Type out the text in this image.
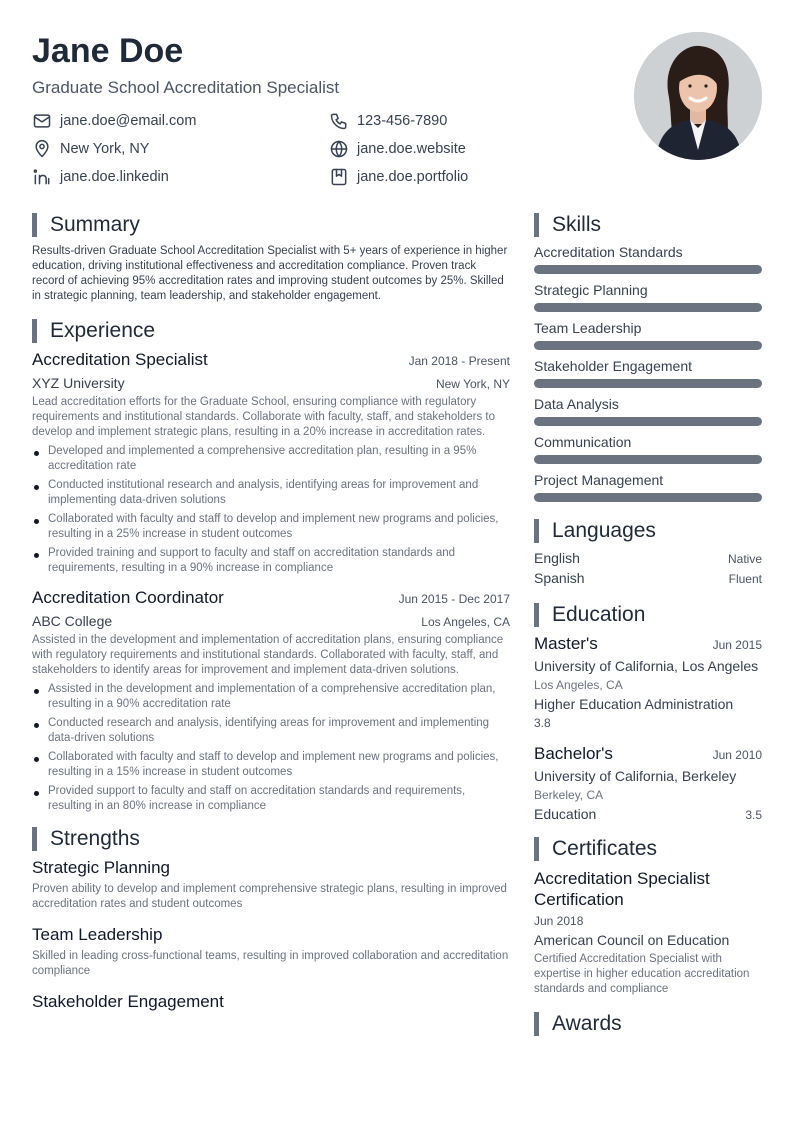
Jane Doe
Graduate School Accreditation Specialist
jane.doe@email.com	123-456-7890
New York, NY	jane.doe.website
jane.doe.linkedin	jane.doe.portfolio
Summary
Results-driven Graduate School Accreditation Specialist with 5+ years of experience in higher education, driving institutional effectiveness and accreditation compliance. Proven track record of achieving 95% accreditation rates and improving student outcomes by 25%. Skilled in strategic planning, team leadership, and stakeholder engagement.
Experience
Accreditation Specialist	Jan 2018 - Present
XYZ University	New York, NY
Lead accreditation efforts for the Graduate School, ensuring compliance with regulatory requirements and institutional standards. Collaborate with faculty, staff, and stakeholders to develop and implement strategic plans, resulting in a 20% increase in accreditation rates.
Developed and implemented a comprehensive accreditation plan, resulting in a 95% accreditation rate
Conducted institutional research and analysis, identifying areas for improvement and implementing data-driven solutions
Collaborated with faculty and staff to develop and implement new programs and policies, resulting in a 25% increase in student outcomes
Provided training and support to faculty and staff on accreditation standards and requirements, resulting in a 90% increase in compliance
Accreditation Coordinator	Jun 2015 - Dec 2017
ABC College	Los Angeles, CA
Assisted in the development and implementation of accreditation plans, ensuring compliance with regulatory requirements and institutional standards. Collaborated with faculty, staff, and stakeholders to identify areas for improvement and implement data-driven solutions.
Assisted in the development and implementation of a comprehensive accreditation plan, resulting in a 90% accreditation rate
Conducted research and analysis, identifying areas for improvement and implementing data-driven solutions
Collaborated with faculty and staff to develop and implement new programs and policies, resulting in a 15% increase in student outcomes
Provided support to faculty and staff on accreditation standards and requirements, resulting in an 80% increase in compliance
Strengths
Strategic Planning
Proven ability to develop and implement comprehensive strategic plans, resulting in improved accreditation rates and student outcomes
Team Leadership
Skilled in leading cross-functional teams, resulting in improved collaboration and accreditation compliance
Stakeholder Engagement
Skills
Accreditation Standards
Strategic Planning
Team Leadership
Stakeholder Engagement
Data Analysis
Communication
Project Management
Languages
English	Native
Spanish	Fluent
Education
Master's	Jun 2015
University of California, Los Angeles
Los Angeles, CA
Higher Education Administration
3.8
Bachelor's	Jun 2010
University of California, Berkeley
Berkeley, CA
Education	3.5
Certificates
Accreditation Specialist Certification
Jun 2018
American Council on Education
Certified Accreditation Specialist with expertise in higher education accreditation standards and compliance
Awards
